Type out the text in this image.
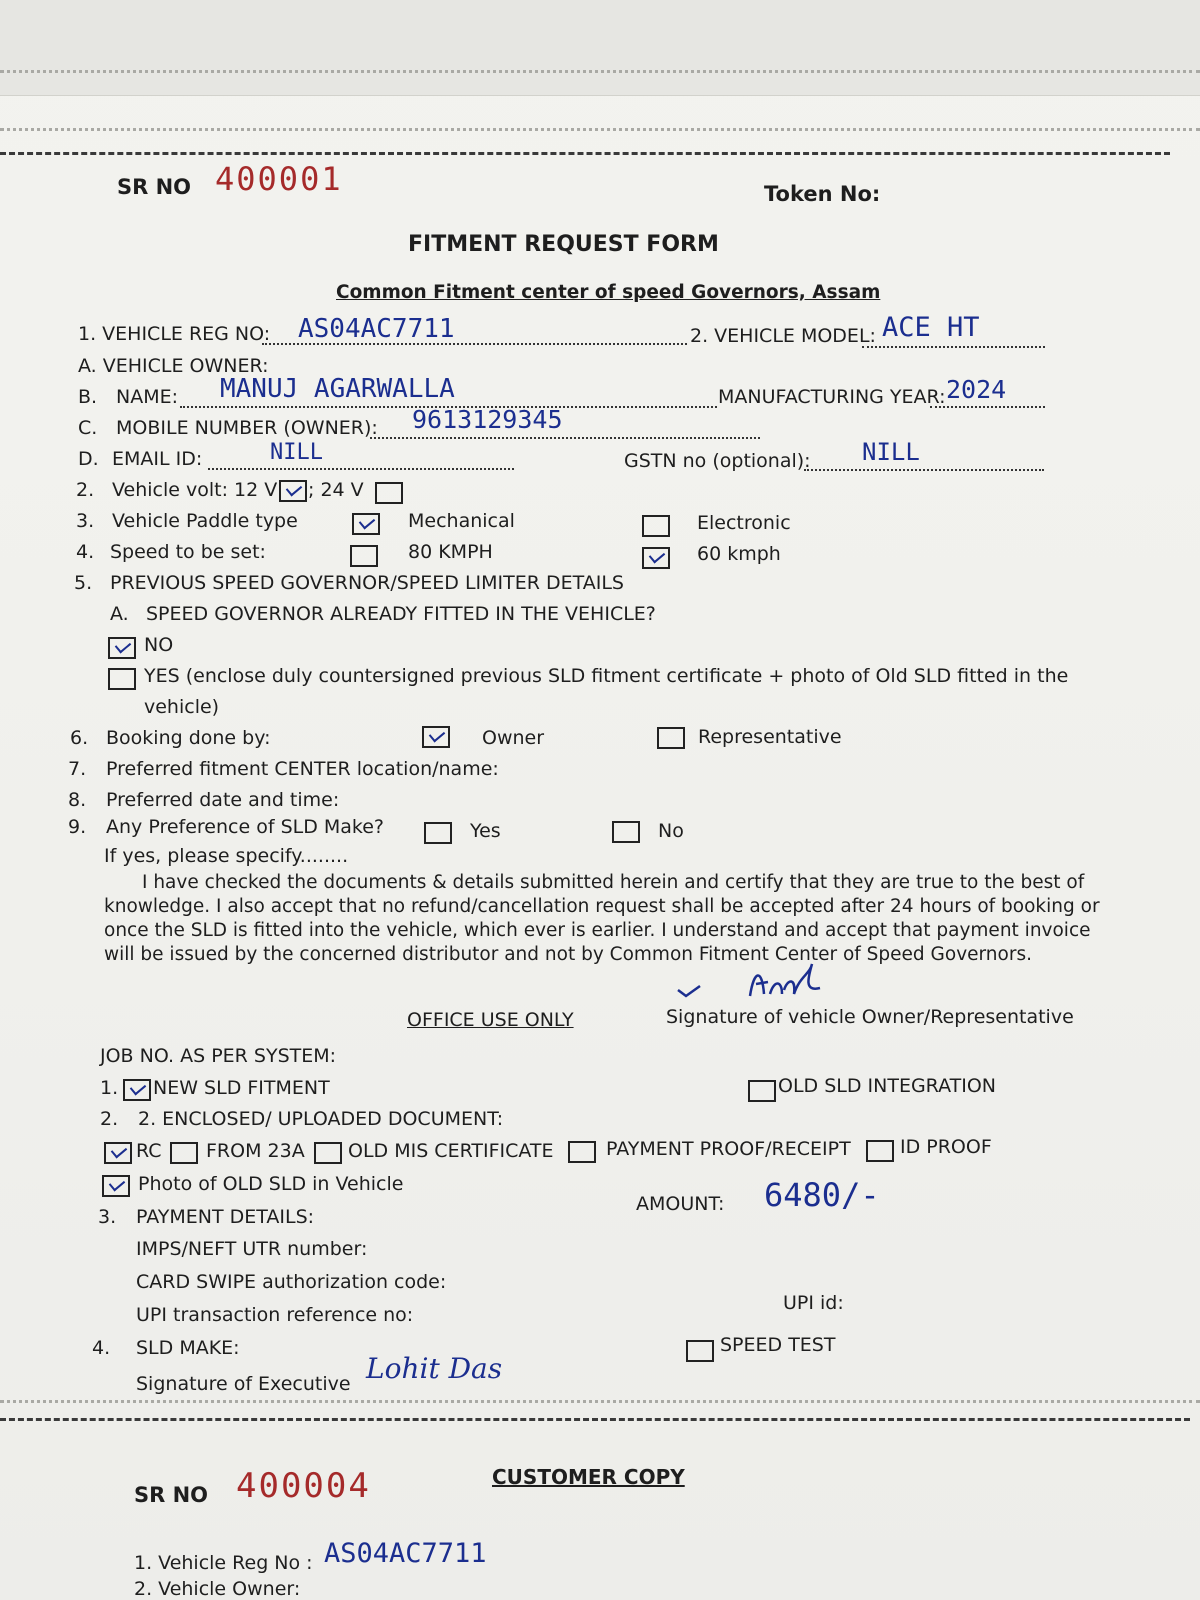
SR NO 400001	Token No:
FITMENT REQUEST FORM
Common Fitment center of speed Governors, Assam
1. VEHICLE REG NO: AS04AC7711	2. VEHICLE MODEL: ACE HT
A. VEHICLE OWNER:
B. NAME: MANUJ AGARWALLA	MANUFACTURING YEAR: 2024
C. MOBILE NUMBER (OWNER): 9613129345
D. EMAIL ID:	NILL	GSTN no (optional): NILL
2. Vehicle volt: 12 V ; 24 V
3. Vehicle Paddle type	Mechanical	Electronic
4. Speed to be set:	80 KMPH	60 kmph
5. PREVIOUS SPEED GOVERNOR/SPEED LIMITER DETAILS
A. SPEED GOVERNOR ALREADY FITTED IN THE VEHICLE?
NO
YES (enclose duly countersigned previous SLD fitment certificate + photo of Old SLD fitted in the
vehicle)
6. Booking done by:	Owner	Representative
7. Preferred fitment CENTER location/name:
8. Preferred date and time:
9. Any Preference of SLD Make?	Yes	No
If yes, please specify........
I have checked the documents & details submitted herein and certify that they are true to the best of
knowledge. I also accept that no refund/cancellation request shall be accepted after 24 hours of booking or
once the SLD is fitted into the vehicle, which ever is earlier. I understand and accept that payment invoice
will be issued by the concerned distributor and not by Common Fitment Center of Speed Governors.
OFFICE USE ONLY	Signature of vehicle Owner/Representative
JOB NO. AS PER SYSTEM:
1. NEW SLD FITMENT	OLD SLD INTEGRATION
2. 2. ENCLOSED/ UPLOADED DOCUMENT:
RC FROM 23A OLD MIS CERTIFICATE	PAYMENT PROOF/RECEIPT	ID PROOF
Photo of OLD SLD in Vehicle
3. PAYMENT DETAILS:
AMOUNT: 6480/-
IMPS/NEFT UTR number:
CARD SWIPE authorization code:
UPI id:
UPI transaction reference no:
4. SLD MAKE:	SPEED TEST
Signature of Executive Lohit Das
SR NO 400004	CUSTOMER COPY
1. Vehicle Reg No : AS04AC7711
2. Vehicle Owner:
